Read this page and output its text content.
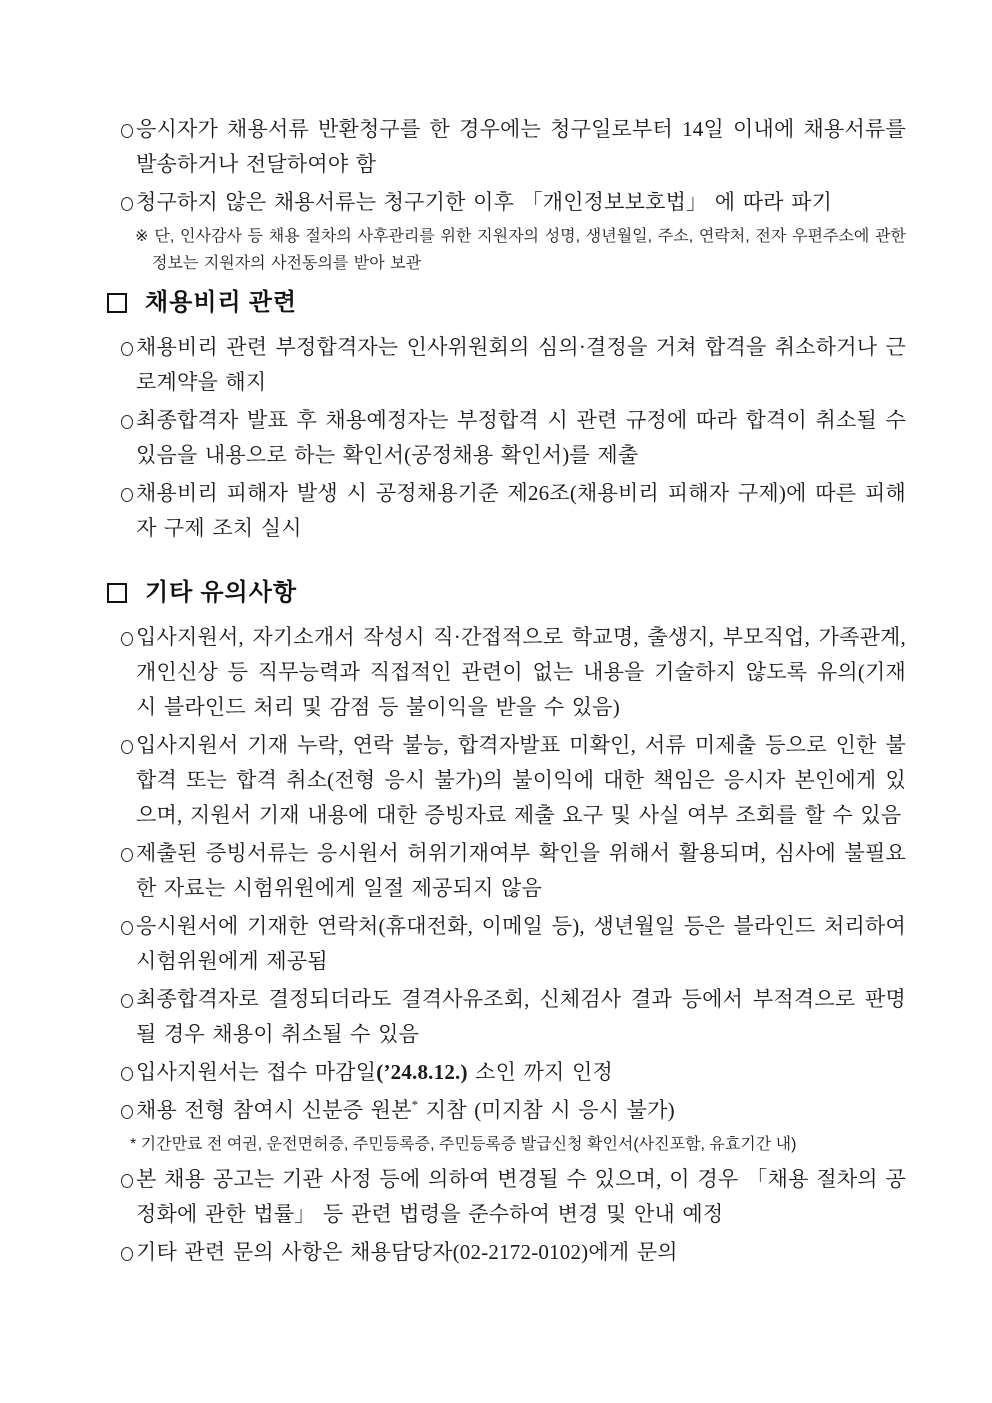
응시자가 채용서류 반환청구를 한 경우에는 청구일로부터 14일 이내에 채용서류를 발송하거나 전달하여야 함

청구하지 않은 채용서류는 청구기한 이후 「개인정보보호법」 에 따라 파기

※ 단, 인사감사 등 채용 절차의 사후관리를 위한 지원자의 성명, 생년월일, 주소, 연락처, 전자 우편주소에 관한 정보는 지원자의 사전동의를 받아 보관

채용비리 관련

채용비리 관련 부정합격자는 인사위원회의 심의·결정을 거쳐 합격을 취소하거나 근로계약을 해지

최종합격자 발표 후 채용예정자는 부정합격 시 관련 규정에 따라 합격이 취소될 수 있음을 내용으로 하는 확인서(공정채용 확인서)를 제출

채용비리 피해자 발생 시 공정채용기준 제26조(채용비리 피해자 구제)에 따른 피해자 구제 조치 실시

기타 유의사항

입사지원서, 자기소개서 작성시 직·간접적으로 학교명, 출생지, 부모직업, 가족관계, 개인신상 등 직무능력과 직접적인 관련이 없는 내용을 기술하지 않도록 유의(기재 시 블라인드 처리 및 감점 등 불이익을 받을 수 있음)

입사지원서 기재 누락, 연락 불능, 합격자발표 미확인, 서류 미제출 등으로 인한 불합격 또는 합격 취소(전형 응시 불가)의 불이익에 대한 책임은 응시자 본인에게 있으며, 지원서 기재 내용에 대한 증빙자료 제출 요구 및 사실 여부 조회를 할 수 있음

제출된 증빙서류는 응시원서 허위기재여부 확인을 위해서 활용되며, 심사에 불필요한 자료는 시험위원에게 일절 제공되지 않음

응시원서에 기재한 연락처(휴대전화, 이메일 등), 생년월일 등은 블라인드 처리하여 시험위원에게 제공됨

최종합격자로 결정되더라도 결격사유조회, 신체검사 결과 등에서 부적격으로 판명될 경우 채용이 취소될 수 있음

입사지원서는 접수 마감일(’24.8.12.) 소인 까지 인정

채용 전형 참여시 신분증 원본* 지참 (미지참 시 응시 불가)

* 기간만료 전 여권, 운전면허증, 주민등록증, 주민등록증 발급신청 확인서(사진포함, 유효기간 내)

본 채용 공고는 기관 사정 등에 의하여 변경될 수 있으며, 이 경우 「채용 절차의 공정화에 관한 법률」 등 관련 법령을 준수하여 변경 및 안내 예정

기타 관련 문의 사항은 채용담당자(02-2172-0102)에게 문의
